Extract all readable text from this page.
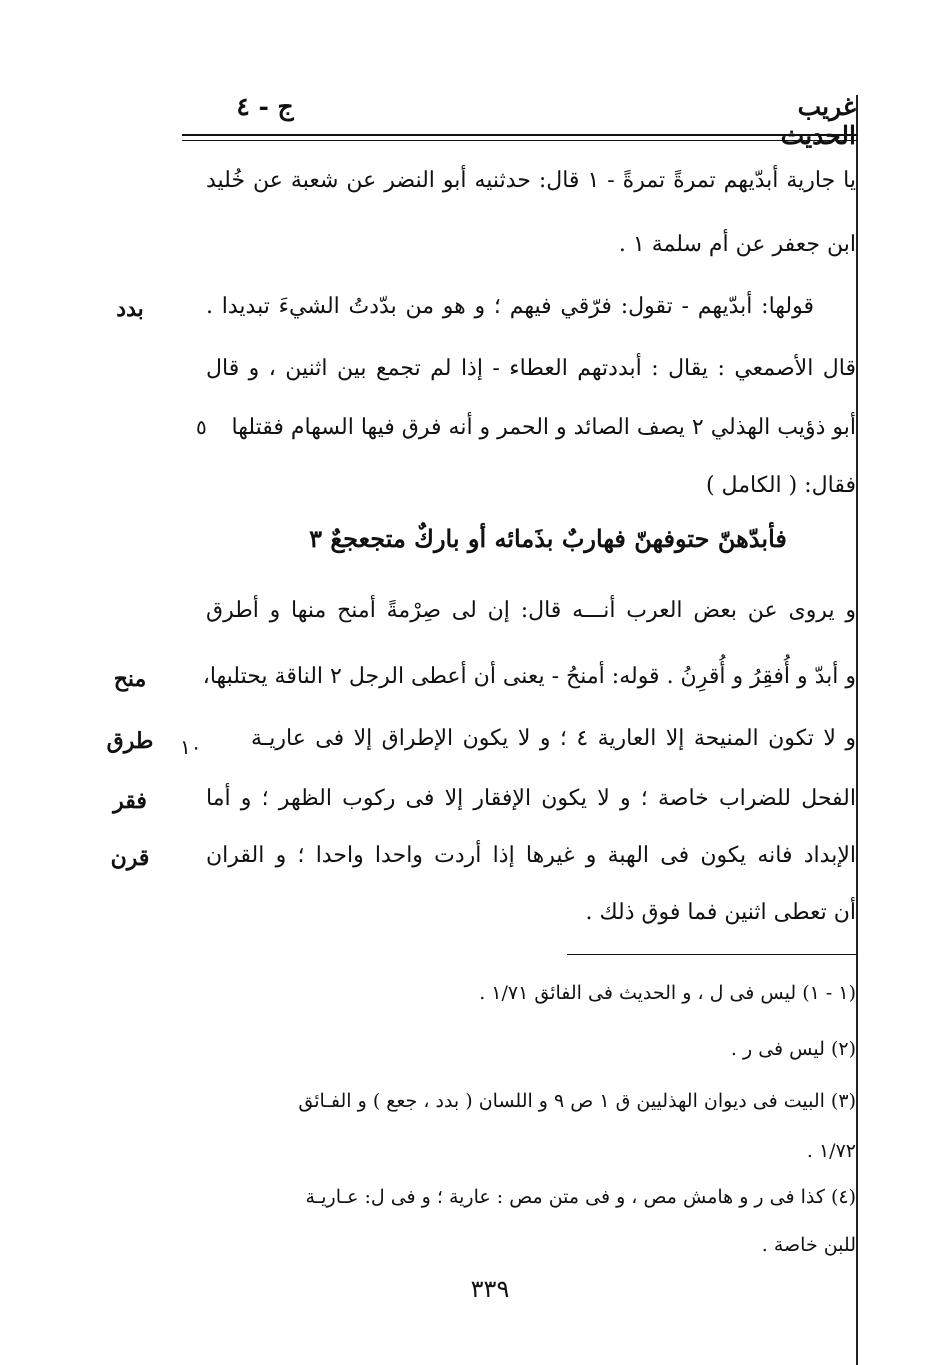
غريب
ج - ٤
يا جارية أبدّيهم تمرةً تمرةً - ١ قال: حدثنيه أبو النضر عن شعبة عن خُليد
ابن جعفر عن أم سلمة ١ .
قولها: أبدّيهم - تقول: فرّقي فيهم ؛ و هو من بدّدتُ الشيءَ تبديدا .
قال الأصمعي : يقال : أبددتهم العطاء - إذا لم تجمع بين اثنين ، و قال
أبو ذؤيب الهذلي ٢ يصف الصائد و الحمر و أنه فرق فيها السهام فقتلها
فقال: ( الكامل )
فأبدّهنّ حتوفهنّ فهاربٌ بذَمائه أو باركٌ متجعجعٌ ٣
و يروى عن بعض العرب أنـــه قال: إن لى صِرْمةً أمنح منها و أطرق
و أبدّ و أُفقِرُ و أُقرِنُ . قوله: أمنحُ - يعنى أن أعطى الرجل ٢ الناقة يحتلبها،
و لا تكون المنيحة إلا العارية ٤ ؛ و لا يكون الإطراق إلا فى عاريـة
الفحل للضراب خاصة ؛ و لا يكون الإفقار إلا فى ركوب الظهر ؛ و أما
الإبداد فانه يكون فى الهبة و غيرها إذا أردت واحدا واحدا ؛ و القران
أن تعطى اثنين فما فوق ذلك .
٥
١٠
بدد
منح
طرق
فقر
قرن
(١ - ١) ليس فى ل ، و الحديث فى الفائق ١/٧١ .
(٢) ليس فى ر .
(٣) البيت فى ديوان الهذليين ق ١ ص ٩ و اللسان ( بدد ، جعع ) و الفـائق
١/٧٢ .
(٤) كذا فى ر و هامش مص ، و فى متن مص : عارية ؛ و فى ل: عـاريـة
للبن خاصة .
٣٣٩
